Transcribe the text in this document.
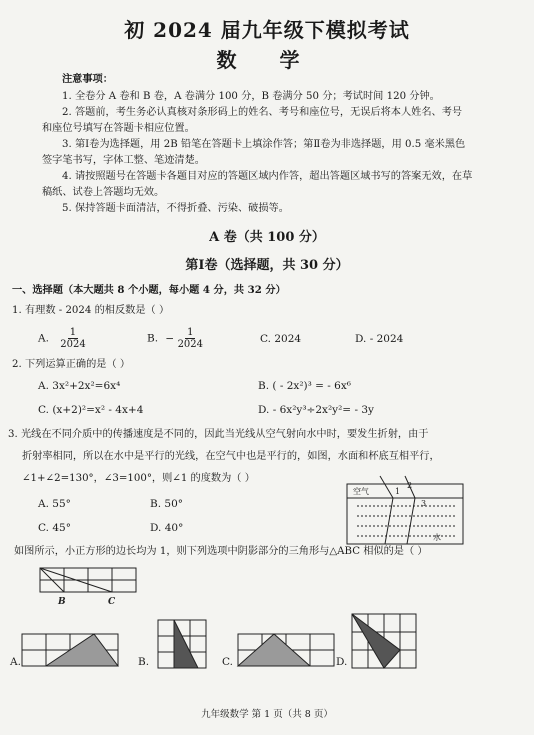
初 2024 届九年级下模拟考试
数 学
注意事项：
1. 全卷分 A 卷和 B 卷，A 卷满分 100 分，B 卷满分 50 分；考试时间 120 分钟。
2. 答题前，考生务必认真核对条形码上的姓名、考号和座位号，无误后将本人姓名、考号
和座位号填写在答题卡相应位置。
3. 第Ⅰ卷为选择题，用 2B 铅笔在答题卡上填涂作答；第Ⅱ卷为非选择题，用 0.5 毫米黑色
签字笔书写，字体工整、笔迹清楚。
4. 请按照题号在答题卡各题目对应的答题区域内作答，超出答题区域书写的答案无效，在草
稿纸、试卷上答题均无效。
5. 保持答题卡面清洁，不得折叠、污染、破损等。
A 卷（共 100 分）
第Ⅰ卷（选择题，共 30 分）
一、选择题（本大题共 8 个小题，每小题 4 分，共 32 分）
1. 有理数 - 2024 的相反数是（ ）
A. $\frac{1}{2024}$	B. − $\frac{1}{2024}$	C. 2024	D. - 2024
2. 下列运算正确的是（ ）
A. 3x²+2x²=6x⁴	B. ( - 2x²)³ = - 6x⁶
C. (x+2)²=x² - 4x+4	D. - 6x²y³÷2x²y²= - 3y
3. 光线在不同介质中的传播速度是不同的，因此当光线从空气射向水中时，要发生折射，由于
折射率相同，所以在水中是平行的光线，在空气中也是平行的，如图，水面和杯底互相平行，
∠1+∠2=130°，∠3=100°，则∠1 的度数为（ ）
A. 55°	B. 50°
C. 45°	D. 40°
空气	1
2
3
水
如图所示，小正方形的边长均为 1，则下列选项中阴影部分的三角形与△ABC 相似的是（ ）
B	C
A.	B.	C.	D.
九年级数学 第 1 页（共 8 页）
